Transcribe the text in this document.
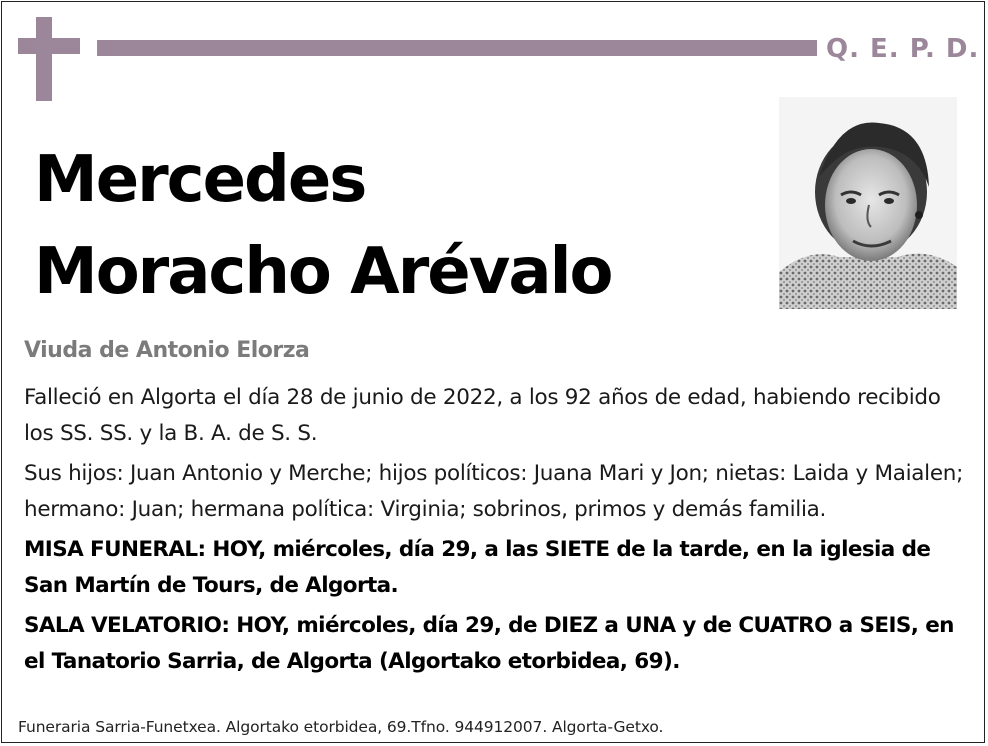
Q. E. P. D.
Mercedes
Moracho Arévalo
Viuda de Antonio Elorza

Falleció en Algorta el día 28 de junio de 2022, a los 92 años de edad, habiendo recibido los SS. SS. y la B. A. de S. S.

Sus hijos: Juan Antonio y Merche; hijos políticos: Juana Mari y Jon; nietas: Laida y Maialen; hermano: Juan; hermana política: Virginia; sobrinos, primos y demás familia.

MISA FUNERAL: HOY, miércoles, día 29, a las SIETE de la tarde, en la iglesia de San Martín de Tours, de Algorta.

SALA VELATORIO: HOY, miércoles, día 29, de DIEZ a UNA y de CUATRO a SEIS, en el Tanatorio Sarria, de Algorta (Algortako etorbidea, 69).

Funeraria Sarria-Funetxea. Algortako etorbidea, 69.Tfno. 944912007. Algorta-Getxo.
